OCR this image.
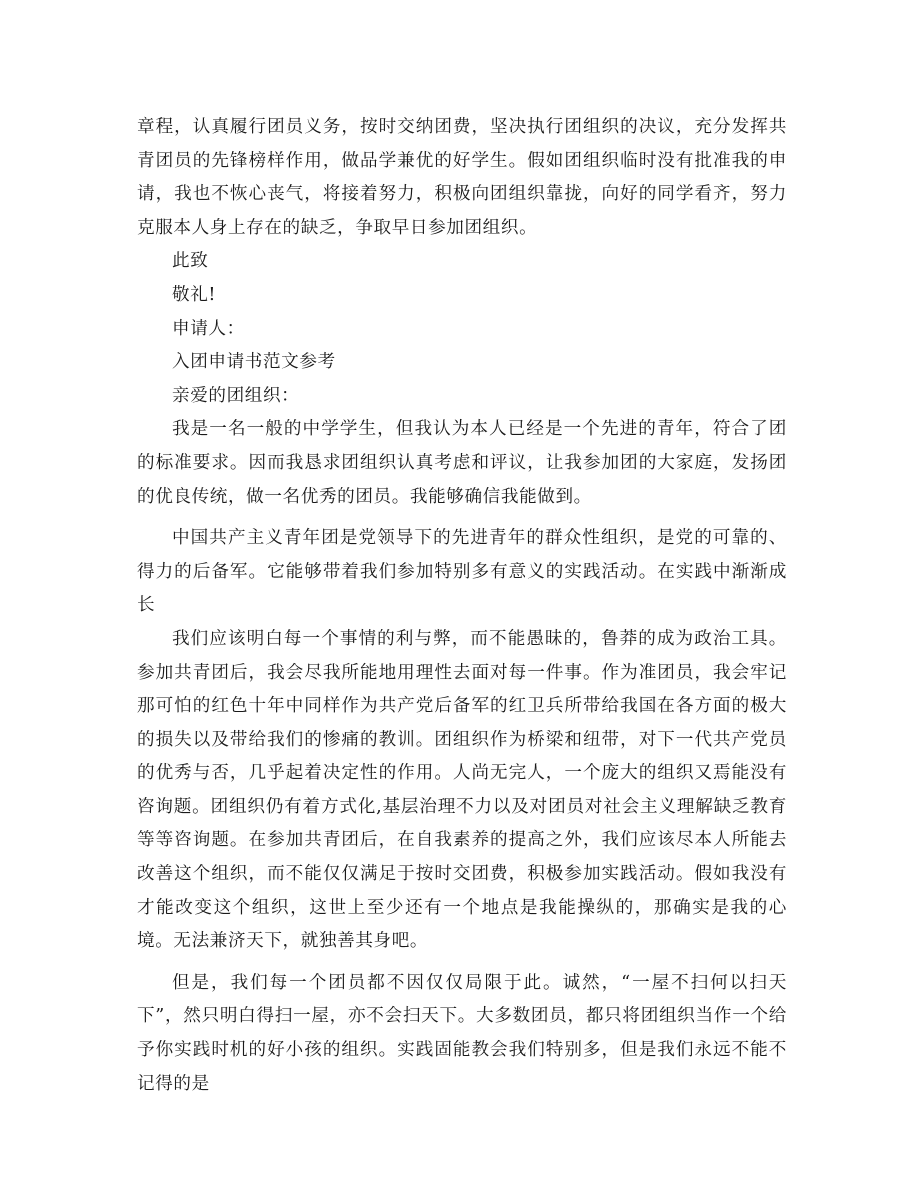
章程，认真履行团员义务，按时交纳团费，坚决执行团组织的决议，充分发挥共青团员的先锋榜样作用，做品学兼优的好学生。假如团组织临时没有批准我的申请，我也不恢心丧气，将接着努力，积极向团组织靠拢，向好的同学看齐，努力克服本人身上存在的缺乏，争取早日参加团组织。

此致

敬礼!

申请人：

入团申请书范文参考

亲爱的团组织：

我是一名一般的中学学生，但我认为本人已经是一个先进的青年，符合了团的标准要求。因而我恳求团组织认真考虑和评议，让我参加团的大家庭，发扬团的优良传统，做一名优秀的团员。我能够确信我能做到。

中国共产主义青年团是党领导下的先进青年的群众性组织，是党的可靠的、得力的后备军。它能够带着我们参加特别多有意义的实践活动。在实践中渐渐成长

我们应该明白每一个事情的利与弊，而不能愚昧的，鲁莽的成为政治工具。参加共青团后，我会尽我所能地用理性去面对每一件事。作为准团员，我会牢记那可怕的红色十年中同样作为共产党后备军的红卫兵所带给我国在各方面的极大的损失以及带给我们的惨痛的教训。团组织作为桥梁和纽带，对下一代共产党员的优秀与否，几乎起着决定性的作用。人尚无完人，一个庞大的组织又焉能没有咨询题。团组织仍有着方式化,基层治理不力以及对团员对社会主义理解缺乏教育等等咨询题。在参加共青团后，在自我素养的提高之外，我们应该尽本人所能去改善这个组织，而不能仅仅满足于按时交团费，积极参加实践活动。假如我没有才能改变这个组织，这世上至少还有一个地点是我能操纵的，那确实是我的心境。无法兼济天下，就独善其身吧。

但是，我们每一个团员都不因仅仅局限于此。诚然，“一屋不扫何以扫天下”，然只明白得扫一屋，亦不会扫天下。大多数团员，都只将团组织当作一个给予你实践时机的好小孩的组织。实践固能教会我们特别多，但是我们永远不能不记得的是
